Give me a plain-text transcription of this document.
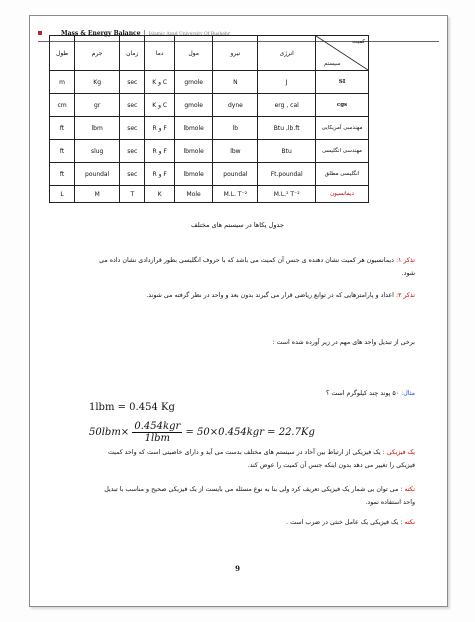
Mass & Energy Balance | Islamic Azad University Of Bushehr
کمیت
سیستم	انرژی	نیرو	مول	دما	زمان	جرم	طول
SI	J	N	gmole	C و K	sec	Kg	m
cgs	erg , cal	dyne	gmole	C و K	sec	gr	cm
مهندسی آمریکایی	Btu ,lb.ft	lb	lbmole	F و R	sec	lbm	ft
مهندسی انگلیسی	Btu	lbw	lbmole	F و R	sec	slug	ft
انگلیسی مطلق	Ft.poundal	poundal	lbmole	F و R	sec	poundal	ft
دیمانسیون	M.L.² T⁻²	M.L. T⁻²	Mole	K	T	M	L
جدول یکاها در سیستم های مختلف
تذکر ۱: دیمانسیون هر کمیت نشان دهنده ی جنس آن کمیت می باشد که با حروف انگلیسی بطور قراردادی نشان داده می شود.
تذکر ۲: اعداد و پارامترهایی که در توابع ریاضی قرار می گیرند بدون بعد و واحد در نظر گرفته می شوند.
برخی از تبدیل واحد های مهم در زیر آورده شده است :
مثال: ۵۰ پوند چند کیلوگرم است ؟
1lbm = 0.454 Kg
$50lbm\times \frac{\text{0.454kgr}}{\text{1lbm}} = 50\times 0.454kgr = 22.7Kg$
یک فیزیکی : یک فیزیکی از ارتباط بین آحاد در سیستم های مختلف بدست می آید و دارای خاصیتی است که واحد کمیت فیزیکی را تغییر می دهد بدون اینکه جنس آن کمیت را عوض کند.
نکته : می توان بی شمار یک فیزیکی تعریف کرد ولی بنا به نوع مسئله می بایست از یک فیزیکی صحیح و مناسب با تبدیل واحد استفاده نمود.
نکته : یک فیزیکی یک عامل خنثی در ضرب است .
9
